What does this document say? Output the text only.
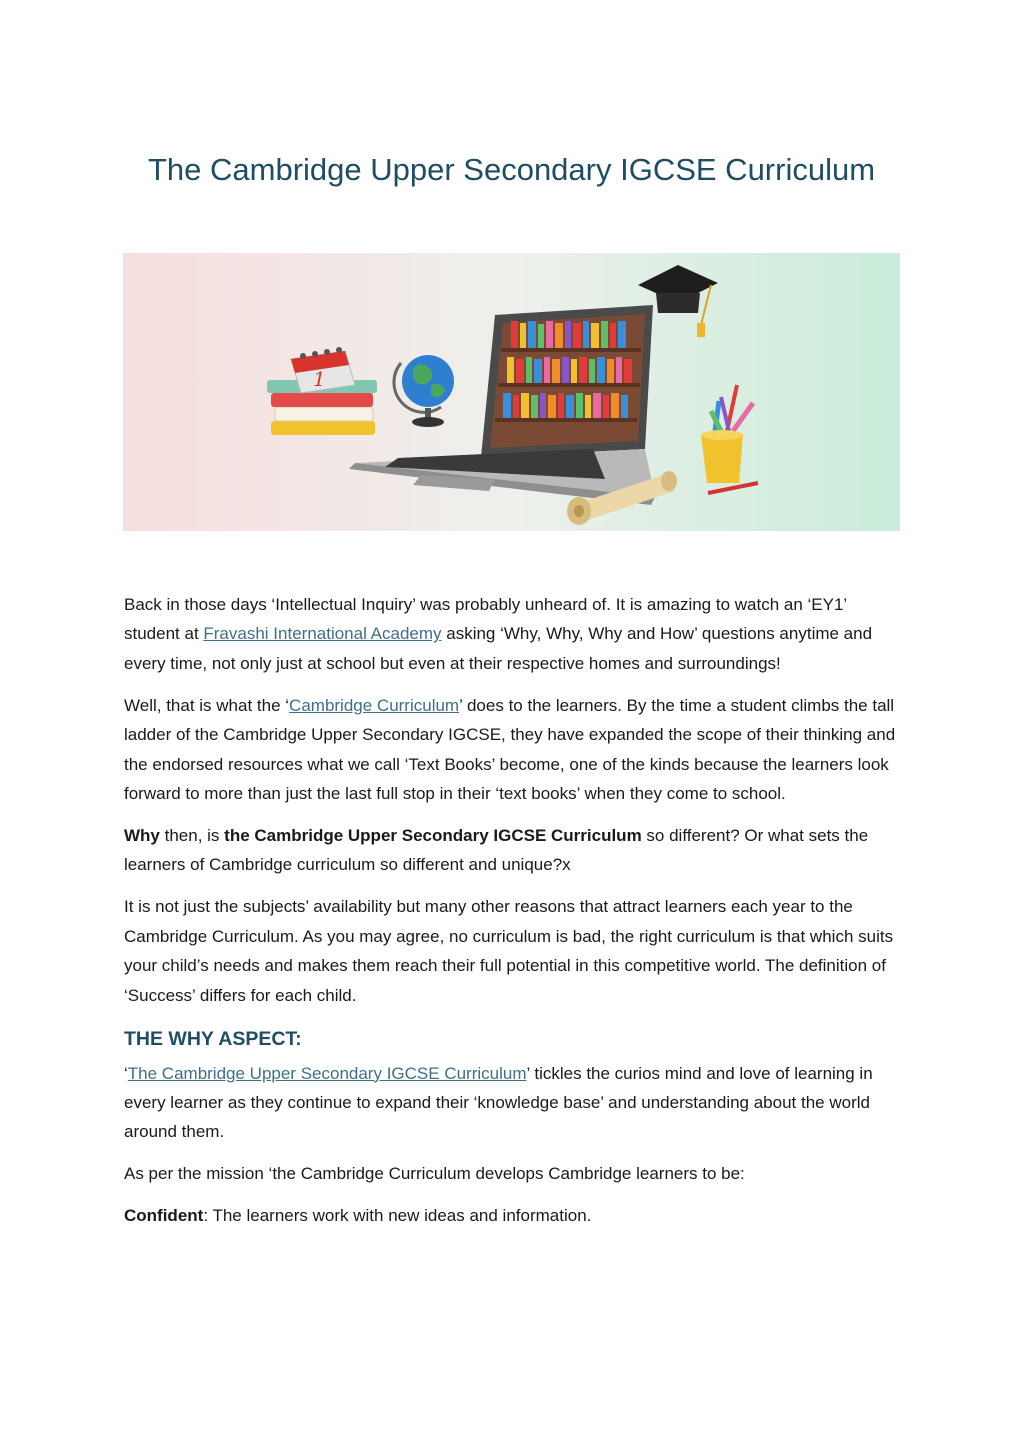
The Cambridge Upper Secondary IGCSE Curriculum
1

Back in those days ‘Intellectual Inquiry’ was probably unheard of. It is amazing to watch an ‘EY1’ student at Fravashi International Academy asking ‘Why, Why, Why and How’ questions anytime and every time, not only just at school but even at their respective homes and surroundings!

Well, that is what the ‘Cambridge Curriculum’ does to the learners. By the time a student climbs the tall ladder of the Cambridge Upper Secondary IGCSE, they have expanded the scope of their thinking and the endorsed resources what we call ‘Text Books’ become, one of the kinds because the learners look forward to more than just the last full stop in their ‘text books’ when they come to school.

Why then, is the Cambridge Upper Secondary IGCSE Curriculum so different? Or what sets the learners of Cambridge curriculum so different and unique?x

It is not just the subjects’ availability but many other reasons that attract learners each year to the Cambridge Curriculum. As you may agree, no curriculum is bad, the right curriculum is that which suits your child’s needs and makes them reach their full potential in this competitive world. The definition of ‘Success’ differs for each child.

THE WHY ASPECT:

‘The Cambridge Upper Secondary IGCSE Curriculum’ tickles the curios mind and love of learning in every learner as they continue to expand their ‘knowledge base’ and understanding about the world around them.

As per the mission ‘the Cambridge Curriculum develops Cambridge learners to be:

Confident: The learners work with new ideas and information.
